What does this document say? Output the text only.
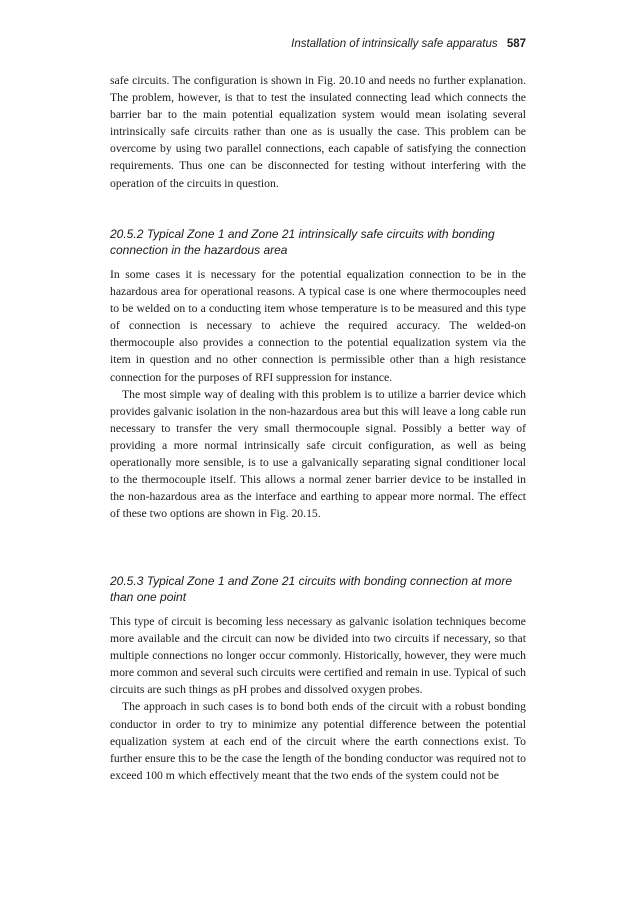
Installation of intrinsically safe apparatus 587

safe circuits. The configuration is shown in Fig. 20.10 and needs no further explanation. The problem, however, is that to test the insulated connecting lead which connects the barrier bar to the main potential equalization system would mean isolating several intrinsically safe circuits rather than one as is usually the case. This problem can be overcome by using two parallel connections, each capable of satisfying the connection requirements. Thus one can be disconnected for testing without interfering with the operation of the circuits in question.

20.5.2 Typical Zone 1 and Zone 21 intrinsically safe circuits with bonding connection in the hazardous area

In some cases it is necessary for the potential equalization connection to be in the hazardous area for operational reasons. A typical case is one where thermocouples need to be welded on to a conducting item whose temperature is to be measured and this type of connection is necessary to achieve the required accuracy. The welded-on thermocouple also provides a connection to the potential equalization system via the item in question and no other connection is permissible other than a high resistance connection for the purposes of RFI suppression for instance.

The most simple way of dealing with this problem is to utilize a barrier device which provides galvanic isolation in the non-hazardous area but this will leave a long cable run necessary to transfer the very small thermocouple signal. Possibly a better way of providing a more normal intrinsically safe circuit configuration, as well as being operationally more sensible, is to use a galvanically separating signal conditioner local to the thermocouple itself. This allows a normal zener barrier device to be installed in the non-hazardous area as the interface and earthing to appear more normal. The effect of these two options are shown in Fig. 20.15.

20.5.3 Typical Zone 1 and Zone 21 circuits with bonding connection at more than one point

This type of circuit is becoming less necessary as galvanic isolation techniques become more available and the circuit can now be divided into two circuits if necessary, so that multiple connections no longer occur commonly. Historically, however, they were much more common and several such circuits were certified and remain in use. Typical of such circuits are such things as pH probes and dissolved oxygen probes.

The approach in such cases is to bond both ends of the circuit with a robust bonding conductor in order to try to minimize any potential difference between the potential equalization system at each end of the circuit where the earth connections exist. To further ensure this to be the case the length of the bonding conductor was required not to exceed 100 m which effectively meant that the two ends of the system could not be
